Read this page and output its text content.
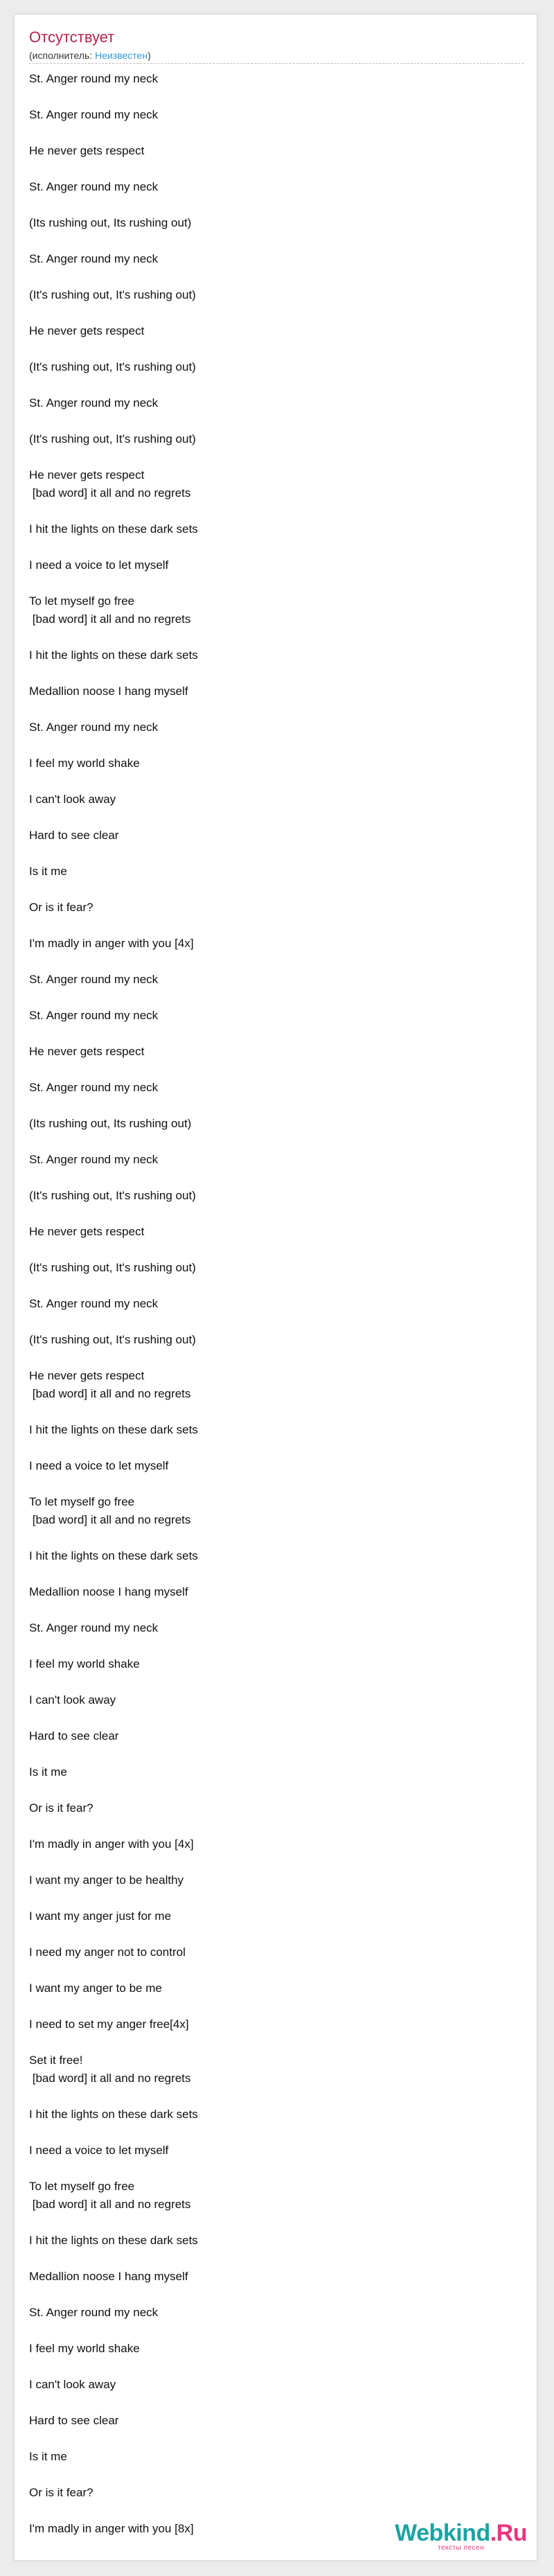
Отсутствует
(исполнитель: Неизвестен)
St. Anger round my neck
St. Anger round my neck
He never gets respect
St. Anger round my neck
(Its rushing out, Its rushing out)
St. Anger round my neck
(It's rushing out, It's rushing out)
He never gets respect
(It's rushing out, It's rushing out)
St. Anger round my neck
(It's rushing out, It's rushing out)
He never gets respect
[bad word] it all and no regrets
I hit the lights on these dark sets
I need a voice to let myself
To let myself go free
[bad word] it all and no regrets
I hit the lights on these dark sets
Medallion noose I hang myself
St. Anger round my neck
I feel my world shake
I can't look away
Hard to see clear
Is it me
Or is it fear?
I'm madly in anger with you [4x]
St. Anger round my neck
St. Anger round my neck
He never gets respect
St. Anger round my neck
(Its rushing out, Its rushing out)
St. Anger round my neck
(It's rushing out, It's rushing out)
He never gets respect
(It's rushing out, It's rushing out)
St. Anger round my neck
(It's rushing out, It's rushing out)
He never gets respect
[bad word] it all and no regrets
I hit the lights on these dark sets
I need a voice to let myself
To let myself go free
[bad word] it all and no regrets
I hit the lights on these dark sets
Medallion noose I hang myself
St. Anger round my neck
I feel my world shake
I can't look away
Hard to see clear
Is it me
Or is it fear?
I'm madly in anger with you [4x]
I want my anger to be healthy
I want my anger just for me
I need my anger not to control
I want my anger to be me
I need to set my anger free[4x]
Set it free!
[bad word] it all and no regrets
I hit the lights on these dark sets
I need a voice to let myself
To let myself go free
[bad word] it all and no regrets
I hit the lights on these dark sets
Medallion noose I hang myself
St. Anger round my neck
I feel my world shake
I can't look away
Hard to see clear
Is it me
Or is it fear?
I'm madly in anger with you [8x]	Webkind.Ru
тексты песен
